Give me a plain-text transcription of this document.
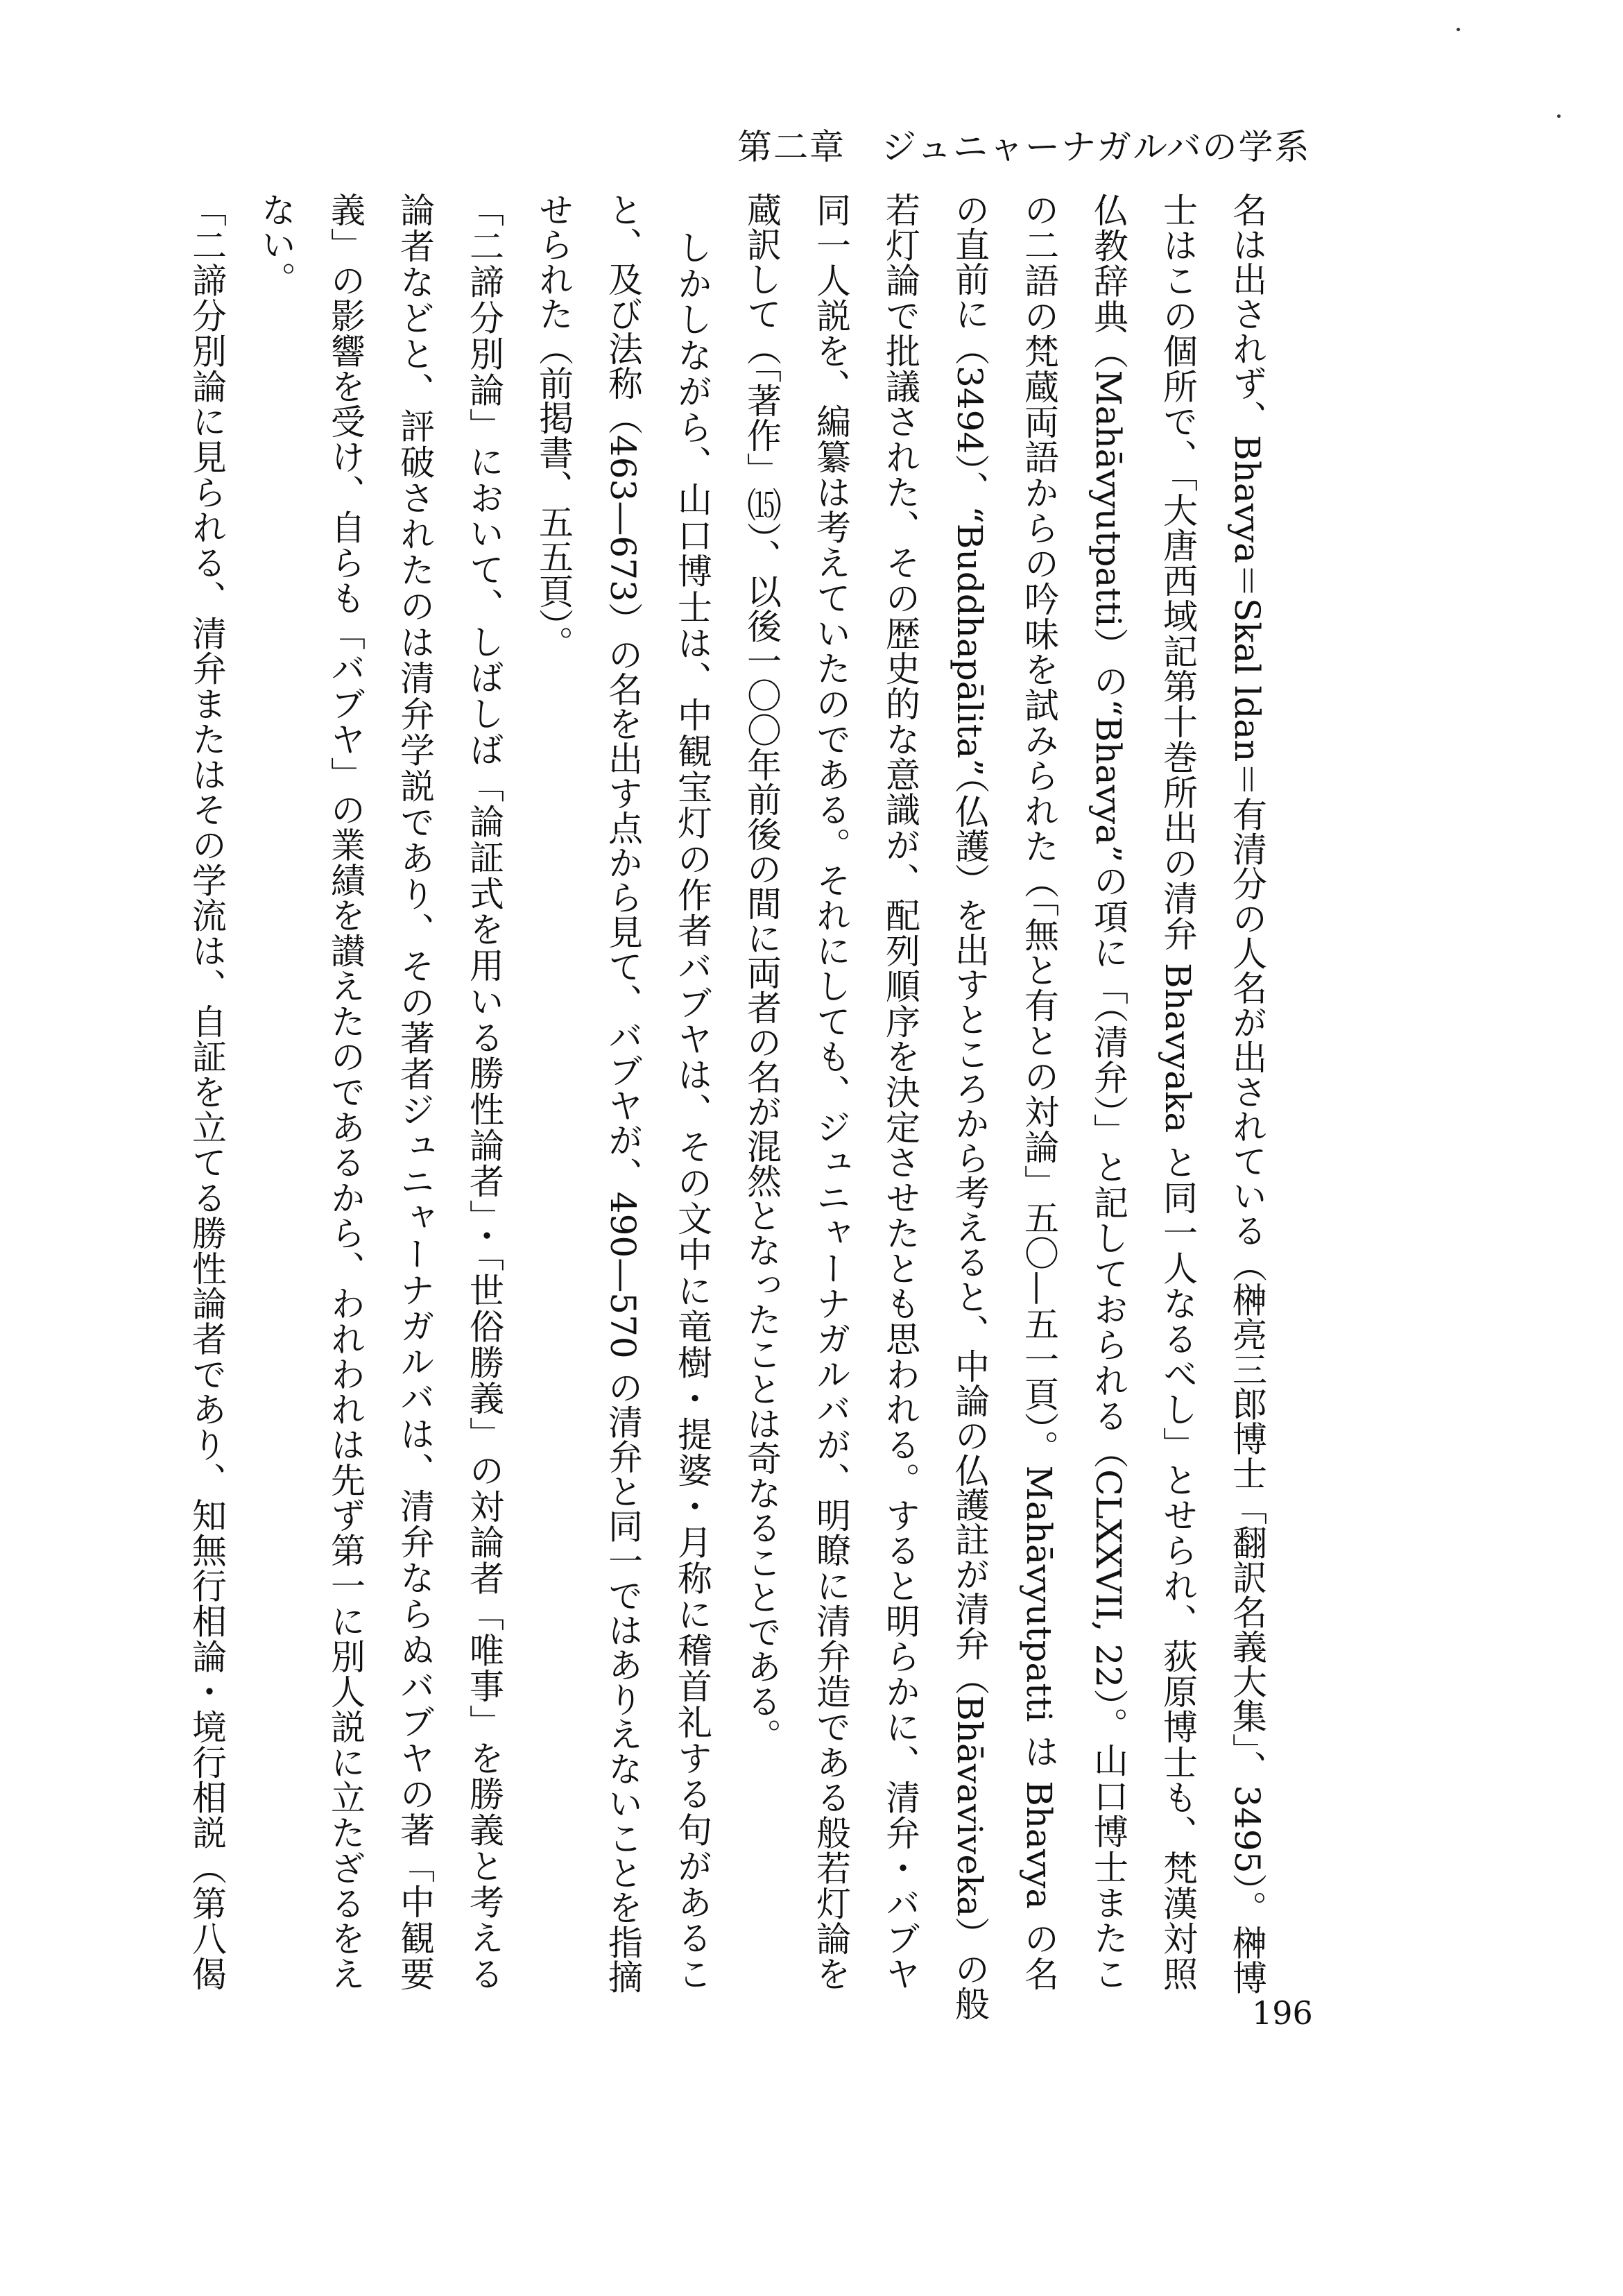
第二章　ジュニャーナガルバの学系
名は出されず、Bhavya＝Skal ldan＝有清分の人名が出されている（榊亮三郎博士「翻訳名義大集」、3495）。榊博
士はこの個所で、「大唐西域記第十巻所出の清弁 Bhavyaka と同一人なるべし」とせられ、荻原博士も、梵漢対照
仏教辞典（Mahāvyutpatti）の“Bhavya”の項に「（清弁）」と記しておられる（CLXXVII, 22）。山口博士またこ
の二語の梵蔵両語からの吟味を試みられた（「無と有との対論」五〇—五一頁）。Mahāvyutpatti は Bhavya の名
の直前に（3494）、“Buddhapālita”（仏護）を出すところから考えると、中論の仏護註が清弁（Bhāvaviveka）の般
若灯論で批議された、その歴史的な意識が、配列順序を決定させたとも思われる。すると明らかに、清弁・バブヤ
同一人説を、編纂は考えていたのである。それにしても、ジュニャーナガルバが、明瞭に清弁造である般若灯論を
蔵訳して（「著作」⒂）、以後一〇〇年前後の間に両者の名が混然となったことは奇なることである。
しかしながら、山口博士は、中観宝灯の作者バブヤは、その文中に竜樹・提婆・月称に稽首礼する句があるこ
と、及び法称（463—673）の名を出す点から見て、バブヤが、490—570 の清弁と同一ではありえないことを指摘
せられた（前掲書、五五頁）。
「二諦分別論」において、しばしば「論証式を用いる勝性論者」・「世俗勝義」の対論者「唯事」を勝義と考える
論者などと、評破されたのは清弁学説であり、その著者ジュニャーナガルバは、清弁ならぬバブヤの著「中観要
義」の影響を受け、自らも「バブヤ」の業績を讃えたのであるから、われわれは先ず第一に別人説に立たざるをえ
ない。
「二諦分別論に見られる、清弁またはその学流は、自証を立てる勝性論者であり、知無行相論・境行相説（第八偈
196
